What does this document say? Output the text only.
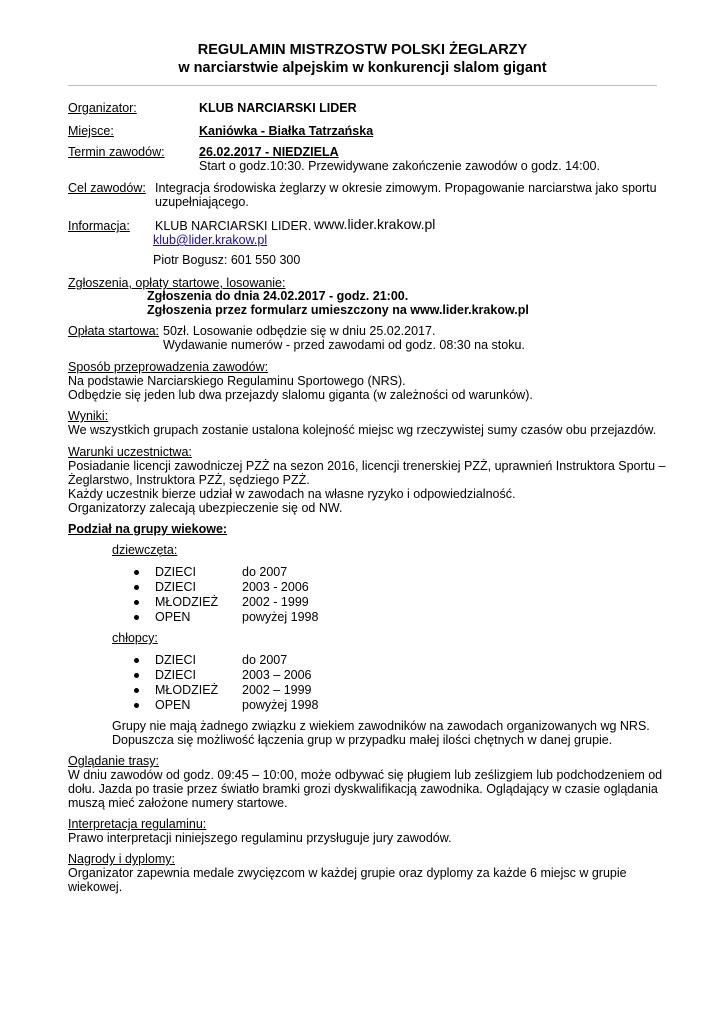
REGULAMIN MISTRZOSTW POLSKI ŻEGLARZY
w narciarstwie alpejskim w konkurencji slalom gigant
Organizator:	KLUB NARCIARSKI LIDER
Miejsce:	Kaniówka - Białka Tatrzańska
Termin zawodów:	26.02.2017 - NIEDZIELA
Start o godz.10:30. Przewidywane zakończenie zawodów o godz. 14:00.
Cel zawodów: Integracja środowiska żeglarzy w okresie zimowym. Propagowanie narciarstwa jako sportu
uzupełniającego.
Informacja: KLUB NARCIARSKI LIDER. www.lider.krakow.pl
klub@lider.krakow.pl
Piotr Bogusz: 601 550 300
Zgłoszenia, opłaty startowe, losowanie:
Zgłoszenia do dnia 24.02.2017 - godz. 21:00.
Zgłoszenia przez formularz umieszczony na www.lider.krakow.pl
Opłata startowa: 50zł. Losowanie odbędzie się w dniu 25.02.2017.
Wydawanie numerów - przed zawodami od godz. 08:30 na stoku.
Sposób przeprowadzenia zawodów:
Na podstawie Narciarskiego Regulaminu Sportowego (NRS).
Odbędzie się jeden lub dwa przejazdy slalomu giganta (w zależności od warunków).
Wyniki:
We wszystkich grupach zostanie ustalona kolejność miejsc wg rzeczywistej sumy czasów obu przejazdów.
Warunki uczestnictwa:
Posiadanie licencji zawodniczej PZŻ na sezon 2016, licencji trenerskiej PZŻ, uprawnień Instruktora Sportu –
Żeglarstwo, Instruktora PZŻ, sędziego PZŻ.
Każdy uczestnik bierze udział w zawodach na własne ryzyko i odpowiedzialność.
Organizatorzy zalecają ubezpieczenie się od NW.
Podział na grupy wiekowe:
dziewczęta:
DZIECI	do 2007
DZIECI	2003 - 2006
MŁODZIEŻ 2002 - 1999
OPEN	powyżej 1998
chłopcy:
DZIECI	do 2007
DZIECI	2003 – 2006
MŁODZIEŻ 2002 – 1999
OPEN	powyżej 1998
Grupy nie mają żadnego związku z wiekiem zawodników na zawodach organizowanych wg NRS.
Dopuszcza się możliwość łączenia grup w przypadku małej ilości chętnych w danej grupie.
Oglądanie trasy:
W dniu zawodów od godz. 09:45 – 10:00, może odbywać się pługiem lub ześlizgiem lub podchodzeniem od
dołu. Jazda po trasie przez światło bramki grozi dyskwalifikacją zawodnika. Oglądający w czasie oglądania
muszą mieć założone numery startowe.
Interpretacja regulaminu:
Prawo interpretacji niniejszego regulaminu przysługuje jury zawodów.
Nagrody i dyplomy:
Organizator zapewnia medale zwycięzcom w każdej grupie oraz dyplomy za każde 6 miejsc w grupie
wiekowej.
